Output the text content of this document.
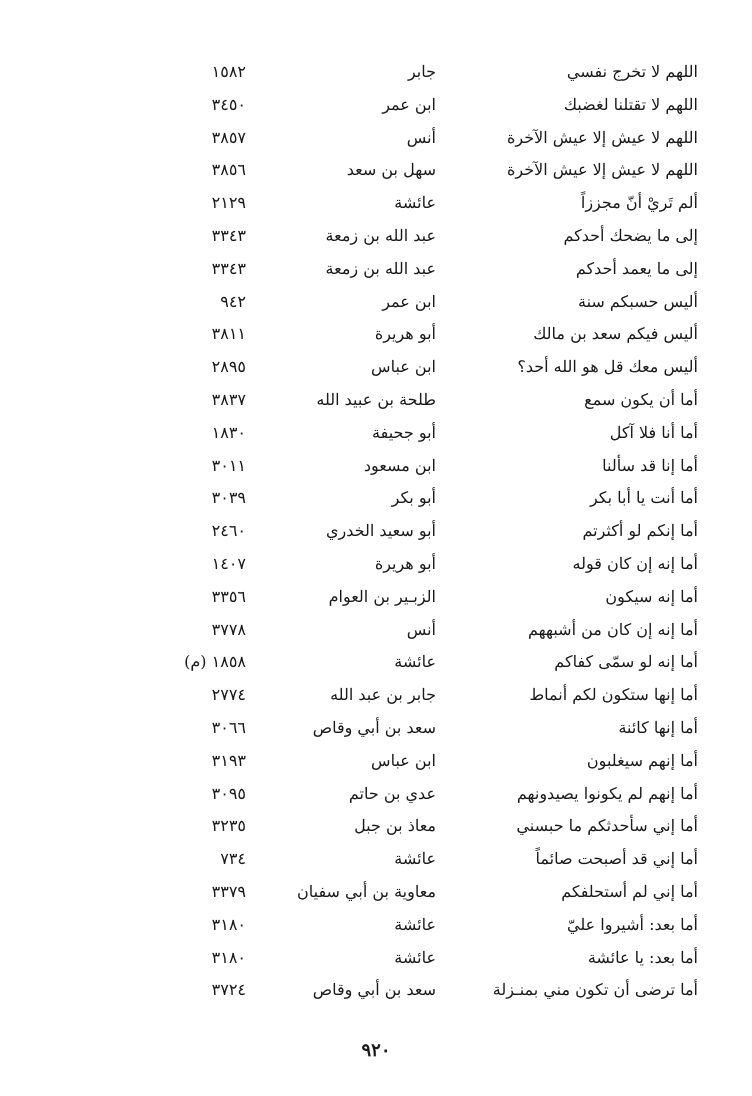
اللهم لا تخرج نفسي
جابر
١٥٨٢
اللهم لا تقتلنا لغضبك
ابن عمر
٣٤٥٠
اللهم لا عيش إلا عيش الآخرة
أنس
٣٨٥٧
اللهم لا عيش إلا عيش الآخرة
سهل بن سعد
٣٨٥٦
ألم تَريْ أنّ مجززاً
عائشة
٢١٢٩
إلى ما يضحك أحدكم
عبد الله بن زمعة
٣٣٤٣
إلى ما يعمد أحدكم
عبد الله بن زمعة
٣٣٤٣
أليس حسبكم سنة
ابن عمر
٩٤٢
أليس فيكم سعد بن مالك
أبو هريرة
٣٨١١
أليس معك قل هو الله أحد؟
ابن عباس
٢٨٩٥
أما أن يكون سمع
طلحة بن عبيد الله
٣٨٣٧
أما أنا فلا آكل
أبو جحيفة
١٨٣٠
أما إنا قد سألنا
ابن مسعود
٣٠١١
أما أنت يا أبا بكر
أبو بكر
٣٠٣٩
أما إنكم لو أكثرتم
أبو سعيد الخدري
٢٤٦٠
أما إنه إن كان قوله
أبو هريرة
١٤٠٧
أما إنه سيكون
الزبـير بن العوام
٣٣٥٦
أما إنه إن كان من أشبههم
أنس
٣٧٧٨
أما إنه لو سمّى كفاكم
عائشة
١٨٥٨ (م)
أما إنها ستكون لكم أنماط
جابر بن عبد الله
٢٧٧٤
أما إنها كائنة
سعد بن أبي وقاص
٣٠٦٦
أما إنهم سيغلبون
ابن عباس
٣١٩٣
أما إنهم لم يكونوا يصيدونهم
عدي بن حاتم
٣٠٩٥
أما إني سأحدثكم ما حبسني
معاذ بن جبل
٣٢٣٥
أما إني قد أصبحت صائماً
عائشة
٧٣٤
أما إني لم أستحلفكم
معاوية بن أبي سفيان
٣٣٧٩
أما بعد: أشيروا عليّ
عائشة
٣١٨٠
أما بعد: يا عائشة
عائشة
٣١٨٠
أما ترضى أن تكون مني بمنـزلة
سعد بن أبي وقاص
٣٧٢٤
٩٢٠
